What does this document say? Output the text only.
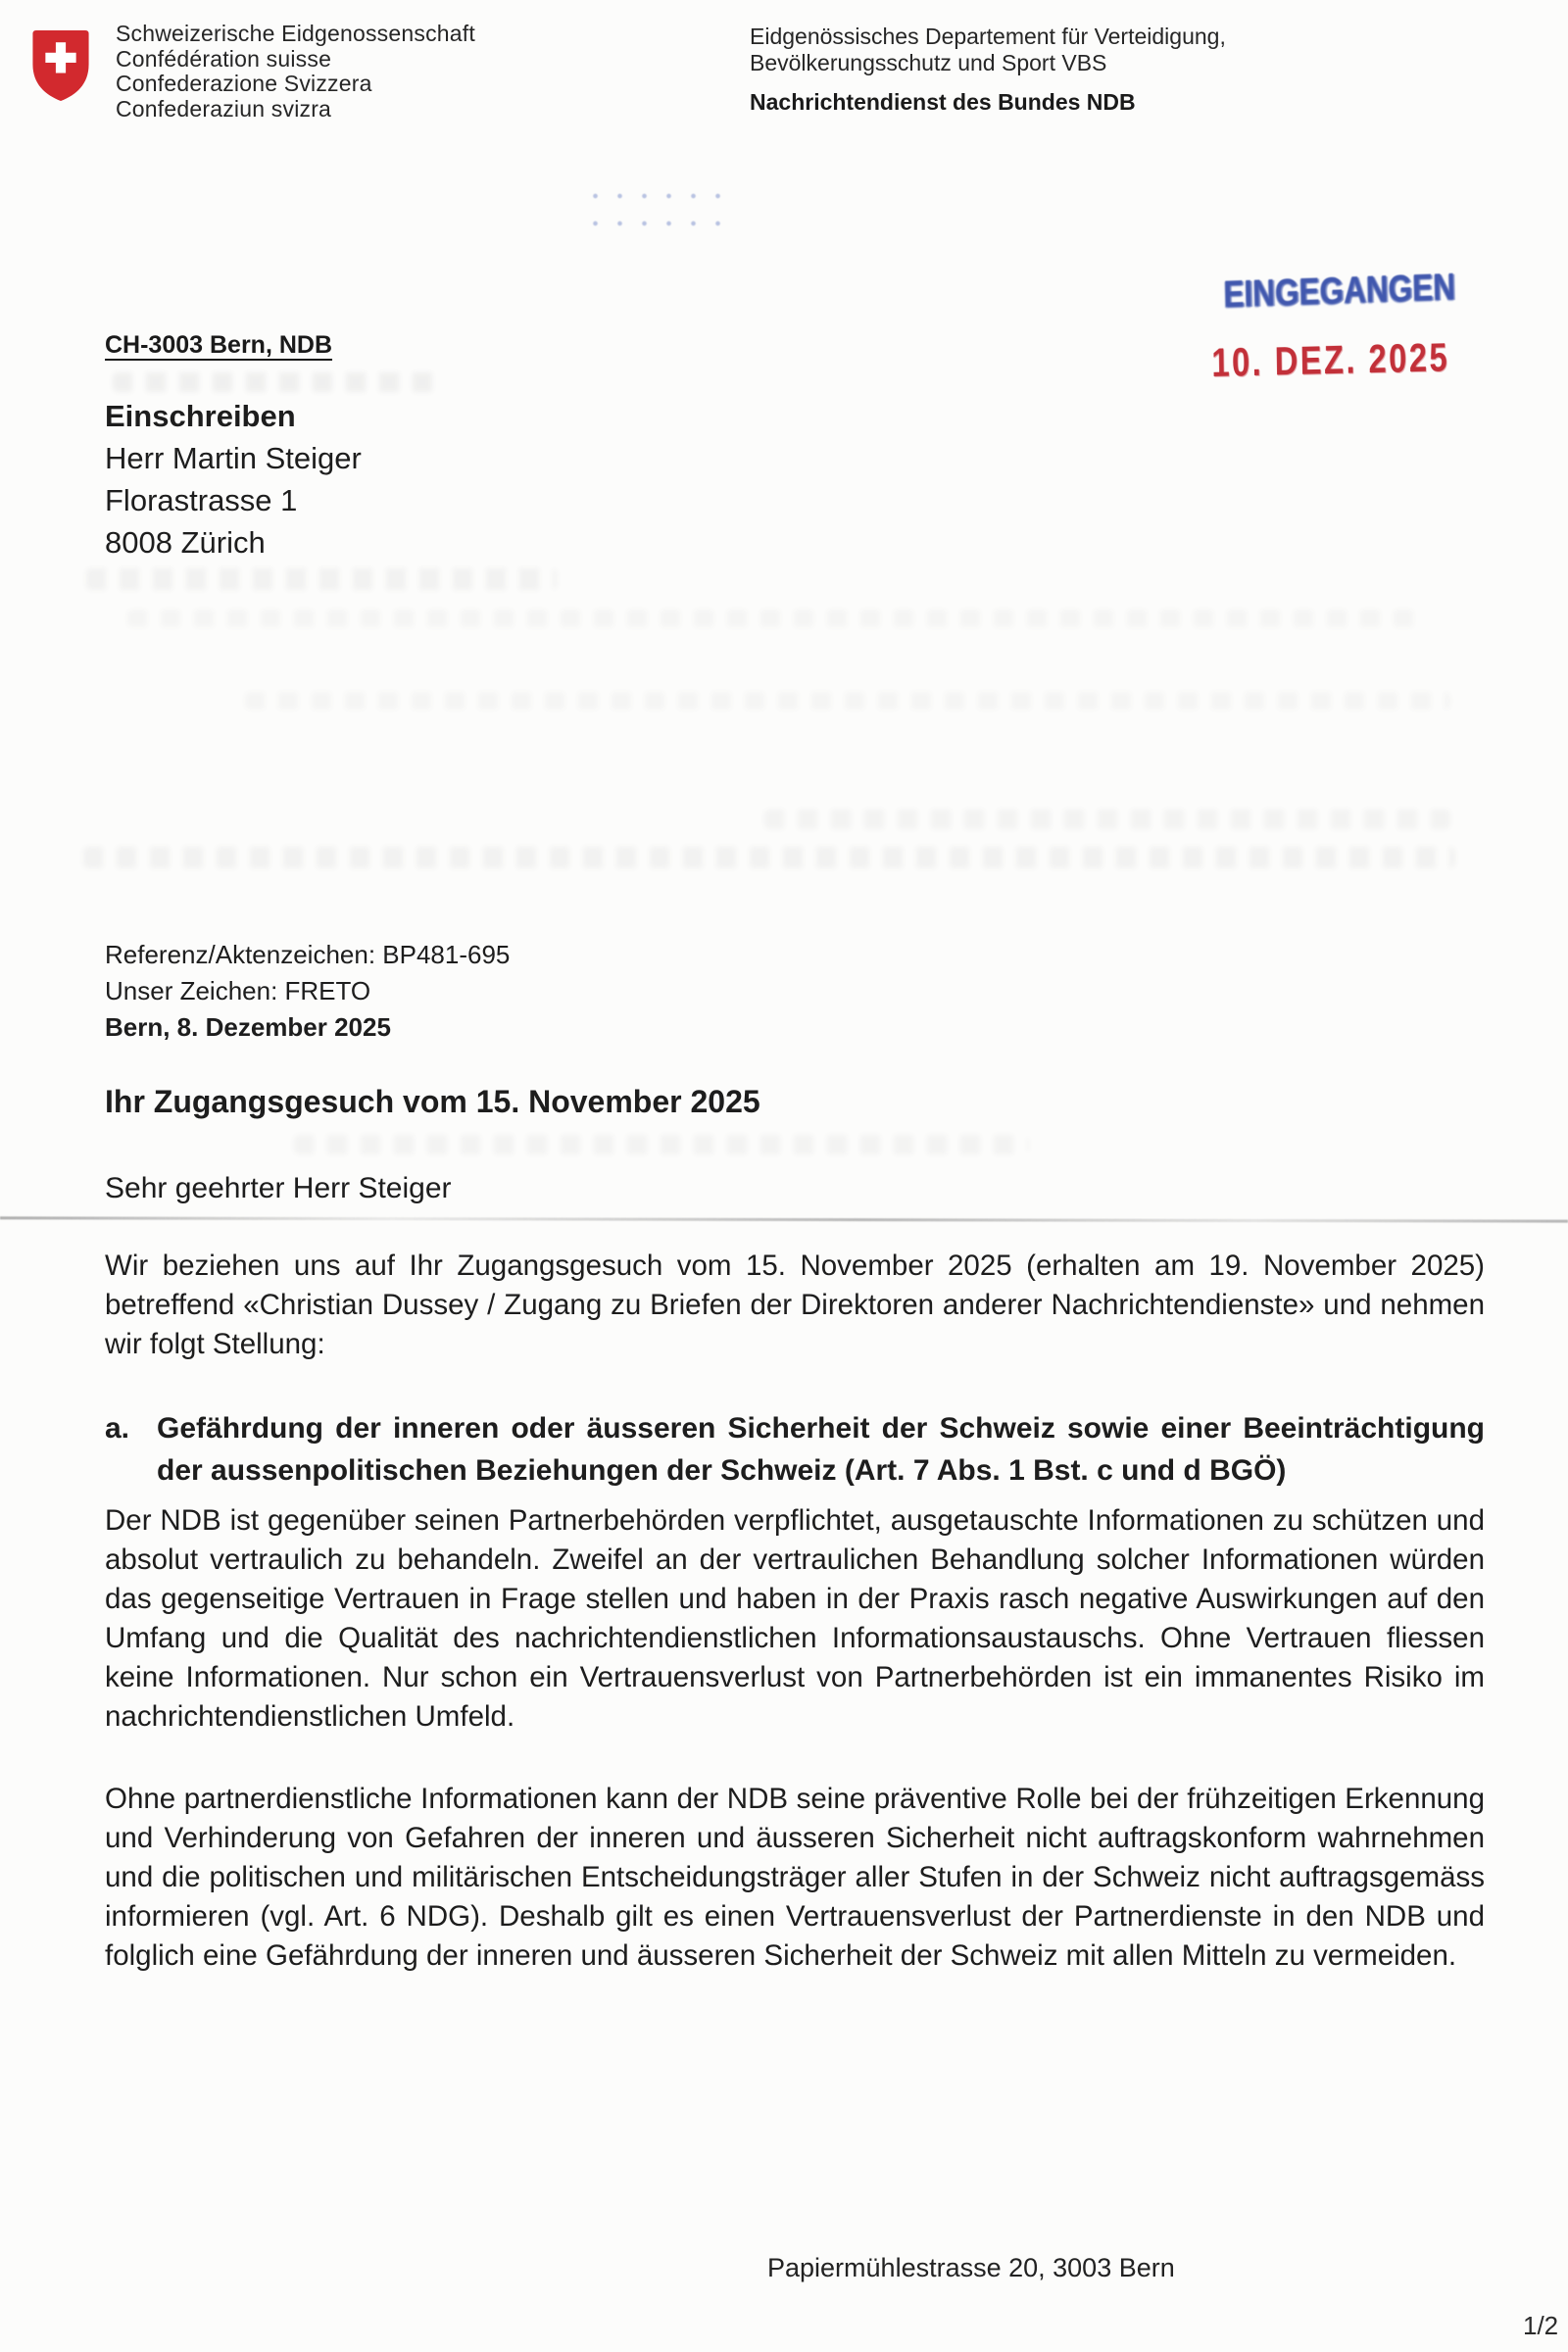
Schweizerische Eidgenossenschaft
Confédération suisse
Confederazione Svizzera
Confederaziun svizra
Eidgenössisches Departement für Verteidigung,
Bevölkerungsschutz und Sport VBS
Nachrichtendienst des Bundes NDB
EINGEGANGEN
10. DEZ. 2025
CH-3003 Bern, NDB
Einschreiben
Herr Martin Steiger
Florastrasse 1
8008 Zürich
Referenz/Aktenzeichen: BP481-695
Unser Zeichen: FRETO
Bern, 8. Dezember 2025
Ihr Zugangsgesuch vom 15. November 2025
Sehr geehrter Herr Steiger

Wir beziehen uns auf Ihr Zugangsgesuch vom 15. November 2025 (erhalten am 19. November 2025) betreffend «Christian Dussey / Zugang zu Briefen der Direktoren anderer Nachrichtendienste» und nehmen wir folgt Stellung:

a. Gefährdung der inneren oder äusseren Sicherheit der Schweiz sowie einer Beeinträchtigung der aussenpolitischen Beziehungen der Schweiz (Art. 7 Abs. 1 Bst. c und d BGÖ)

Der NDB ist gegenüber seinen Partnerbehörden verpflichtet, ausgetauschte Informationen zu schützen und absolut vertraulich zu behandeln. Zweifel an der vertraulichen Behandlung solcher Informationen würden das gegenseitige Vertrauen in Frage stellen und haben in der Praxis rasch negative Auswirkungen auf den Umfang und die Qualität des nachrichtendienstlichen Informationsaustauschs. Ohne Vertrauen fliessen keine Informationen. Nur schon ein Vertrauensverlust von Partnerbehörden ist ein immanentes Risiko im nachrichtendienstlichen Umfeld.

Ohne partnerdienstliche Informationen kann der NDB seine präventive Rolle bei der frühzeitigen Erkennung und Verhinderung von Gefahren der inneren und äusseren Sicherheit nicht auftragskonform wahrnehmen und die politischen und militärischen Entscheidungsträger aller Stufen in der Schweiz nicht auftragsgemäss informieren (vgl. Art. 6 NDG). Deshalb gilt es einen Vertrauensverlust der Partnerdienste in den NDB und folglich eine Gefährdung der inneren und äusseren Sicherheit der Schweiz mit allen Mitteln zu vermeiden.

Papiermühlestrasse 20, 3003 Bern
1/2
